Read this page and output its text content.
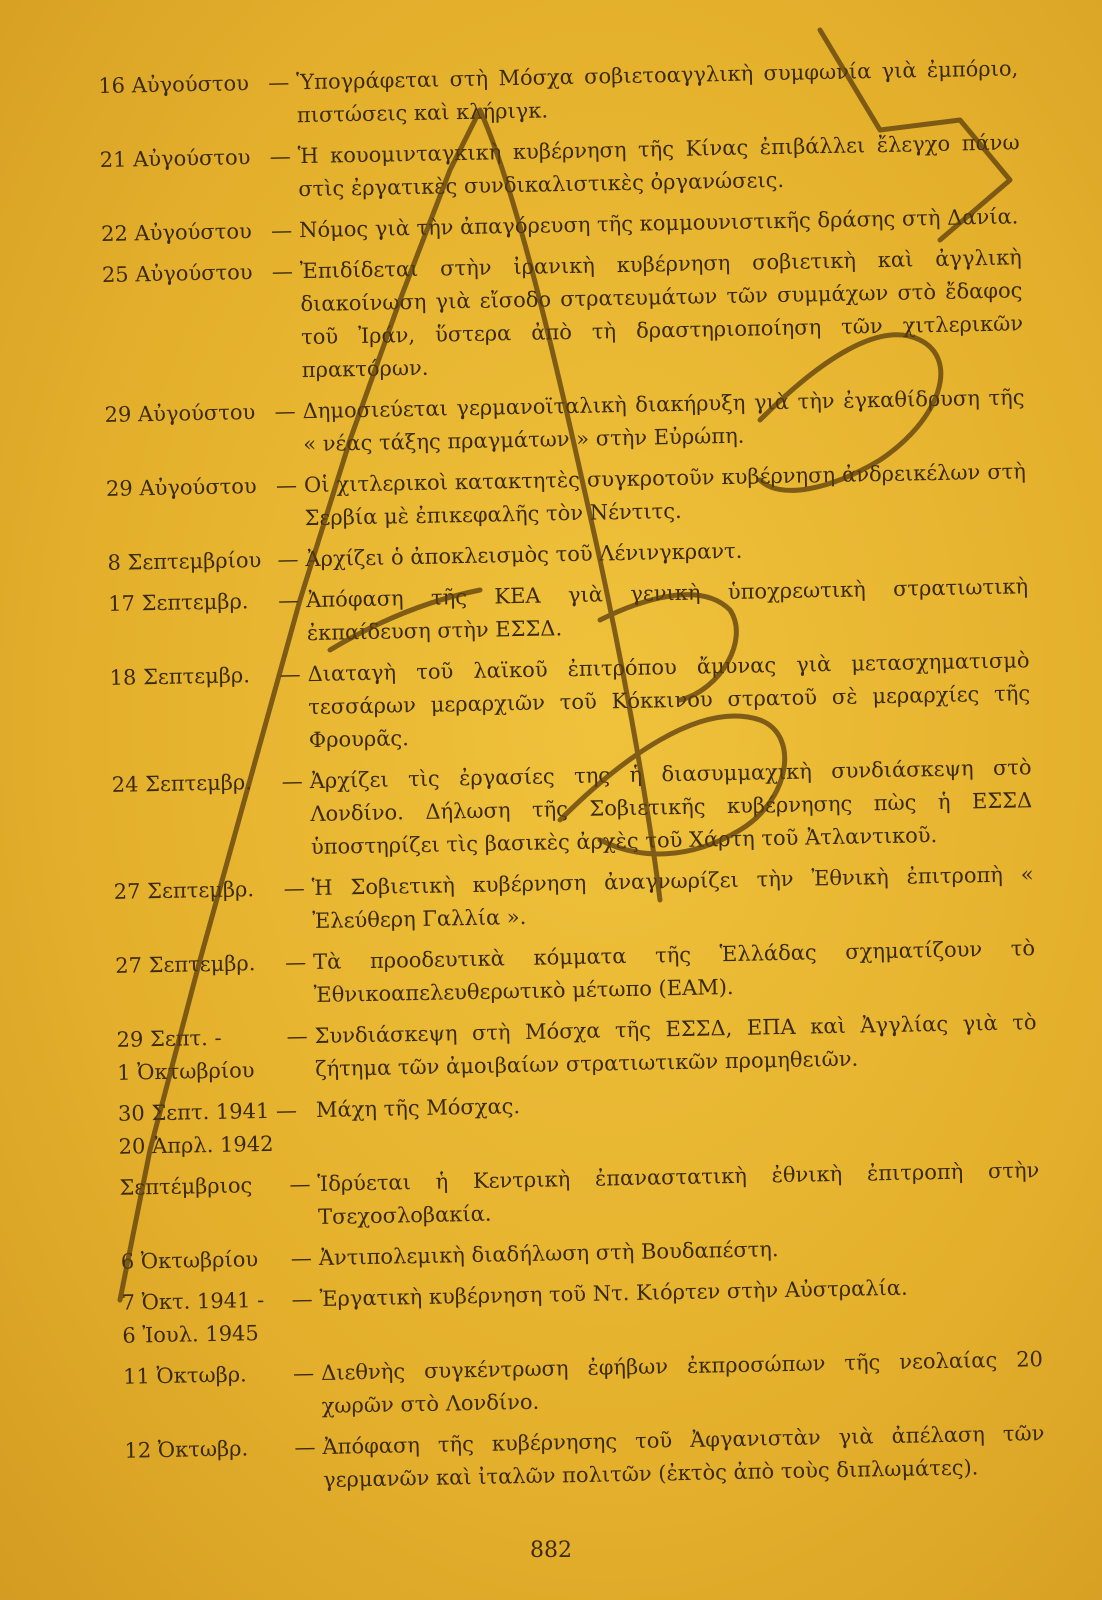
16 Αὐγούστου — Ὑπογράφεται στὴ Μόσχα σοβιετοαγγλικὴ συμφωνία γιὰ ἐμπόριο, πιστώσεις καὶ κλήριγκ.
21 Αὐγούστου — Ἡ κουομινταγκικὴ κυβέρνηση τῆς Κίνας ἐπιβάλλει ἔλεγχο πάνω στὶς ἐργατικὲς συνδικαλιστικὲς ὀργανώσεις.
22 Αὐγούστου — Νόμος γιὰ τὴν ἀπαγόρευση τῆς κομμουνιστικῆς δράσης στὴ Δανία.
25 Αὐγούστου — Ἐπιδίδεται στὴν ἰρανικὴ κυβέρνηση σοβιετικὴ καὶ ἀγγλικὴ διακοίνωση γιὰ εἴσοδο στρατευμάτων τῶν συμμάχων στὸ ἔδαφος τοῦ Ἰράν, ὕστερα ἀπὸ τὴ δραστηριοποίηση τῶν χιτλερικῶν πρακτόρων.
29 Αὐγούστου — Δημοσιεύεται γερμανοϊταλικὴ διακήρυξη γιὰ τὴν ἐγκαθίδρυση τῆς « νέας τάξης πραγμάτων » στὴν Εὐρώπη.
29 Αὐγούστου — Οἱ χιτλερικοὶ κατακτητὲς συγκροτοῦν κυβέρνηση ἀνδρεικέλων στὴ Σερβία μὲ ἐπικεφαλῆς τὸν Νέντιτς.
8 Σεπτεμβρίου — Ἀρχίζει ὁ ἀποκλεισμὸς τοῦ Λένινγκραντ.
17 Σεπτεμβρ.	— Ἀπόφαση τῆς ΚΕΑ γιὰ γενικὴ ὑποχρεωτικὴ στρατιωτικὴ ἐκπαίδευση στὴν ΕΣΣΔ.
18 Σεπτεμβρ.	— Διαταγὴ τοῦ λαϊκοῦ ἐπιτρόπου ἄμυνας γιὰ μετασχηματισμὸ τεσσάρων μεραρχιῶν τοῦ Κόκκινου στρατοῦ σὲ μεραρχίες τῆς Φρουρᾶς.
24 Σεπτεμβρ.	— Ἀρχίζει τὶς ἐργασίες της ἡ διασυμμαχικὴ συνδιάσκεψη στὸ Λονδίνο. Δήλωση τῆς Σοβιετικῆς κυβέρνησης πὼς ἡ ΕΣΣΔ ὑποστηρίζει τὶς βασικὲς ἀρχὲς τοῦ Χάρτη τοῦ Ἀτλαντικοῦ.
27 Σεπτεμβρ.	— Ἡ Σοβιετικὴ κυβέρνηση ἀναγνωρίζει τὴν Ἐθνικὴ ἐπιτροπὴ « Ἐλεύθερη Γαλλία ».
27 Σεπτεμβρ.	— Τὰ προοδευτικὰ κόμματα τῆς Ἑλλάδας σχηματίζουν τὸ Ἐθνικοαπελευθερωτικὸ μέτωπο (ΕΑΜ).
29 Σεπτ. -
1 Ὀκτωβρίου
— Συνδιάσκεψη στὴ Μόσχα τῆς ΕΣΣΔ, ΕΠΑ καὶ Ἀγγλίας γιὰ τὸ ζήτημα τῶν ἀμοιβαίων στρατιωτικῶν προμηθειῶν.
30 Σεπτ. 1941 —
20 Ἀπρλ. 1942
Μάχη τῆς Μόσχας.
Σεπτέμβριος	— Ἱδρύεται ἡ Κεντρικὴ ἐπαναστατικὴ ἐθνικὴ ἐπιτροπὴ στὴν Τσεχοσλοβακία.
6 Ὀκτωβρίου	— Ἀντιπολεμικὴ διαδήλωση στὴ Βουδαπέστη.
7 Ὀκτ. 1941 -
6 Ἰουλ. 1945
— Ἐργατικὴ κυβέρνηση τοῦ Ντ. Κιόρτεν στὴν Αὐστραλία.
11 Ὀκτωβρ.	— Διεθνὴς συγκέντρωση ἐφήβων ἐκπροσώπων τῆς νεολαίας 20 χωρῶν στὸ Λονδίνο.
12 Ὀκτωβρ.	— Ἀπόφαση τῆς κυβέρνησης τοῦ Ἀφγανιστὰν γιὰ ἀπέλαση τῶν γερμανῶν καὶ ἰταλῶν πολιτῶν (ἐκτὸς ἀπὸ τοὺς διπλωμάτες).
882
